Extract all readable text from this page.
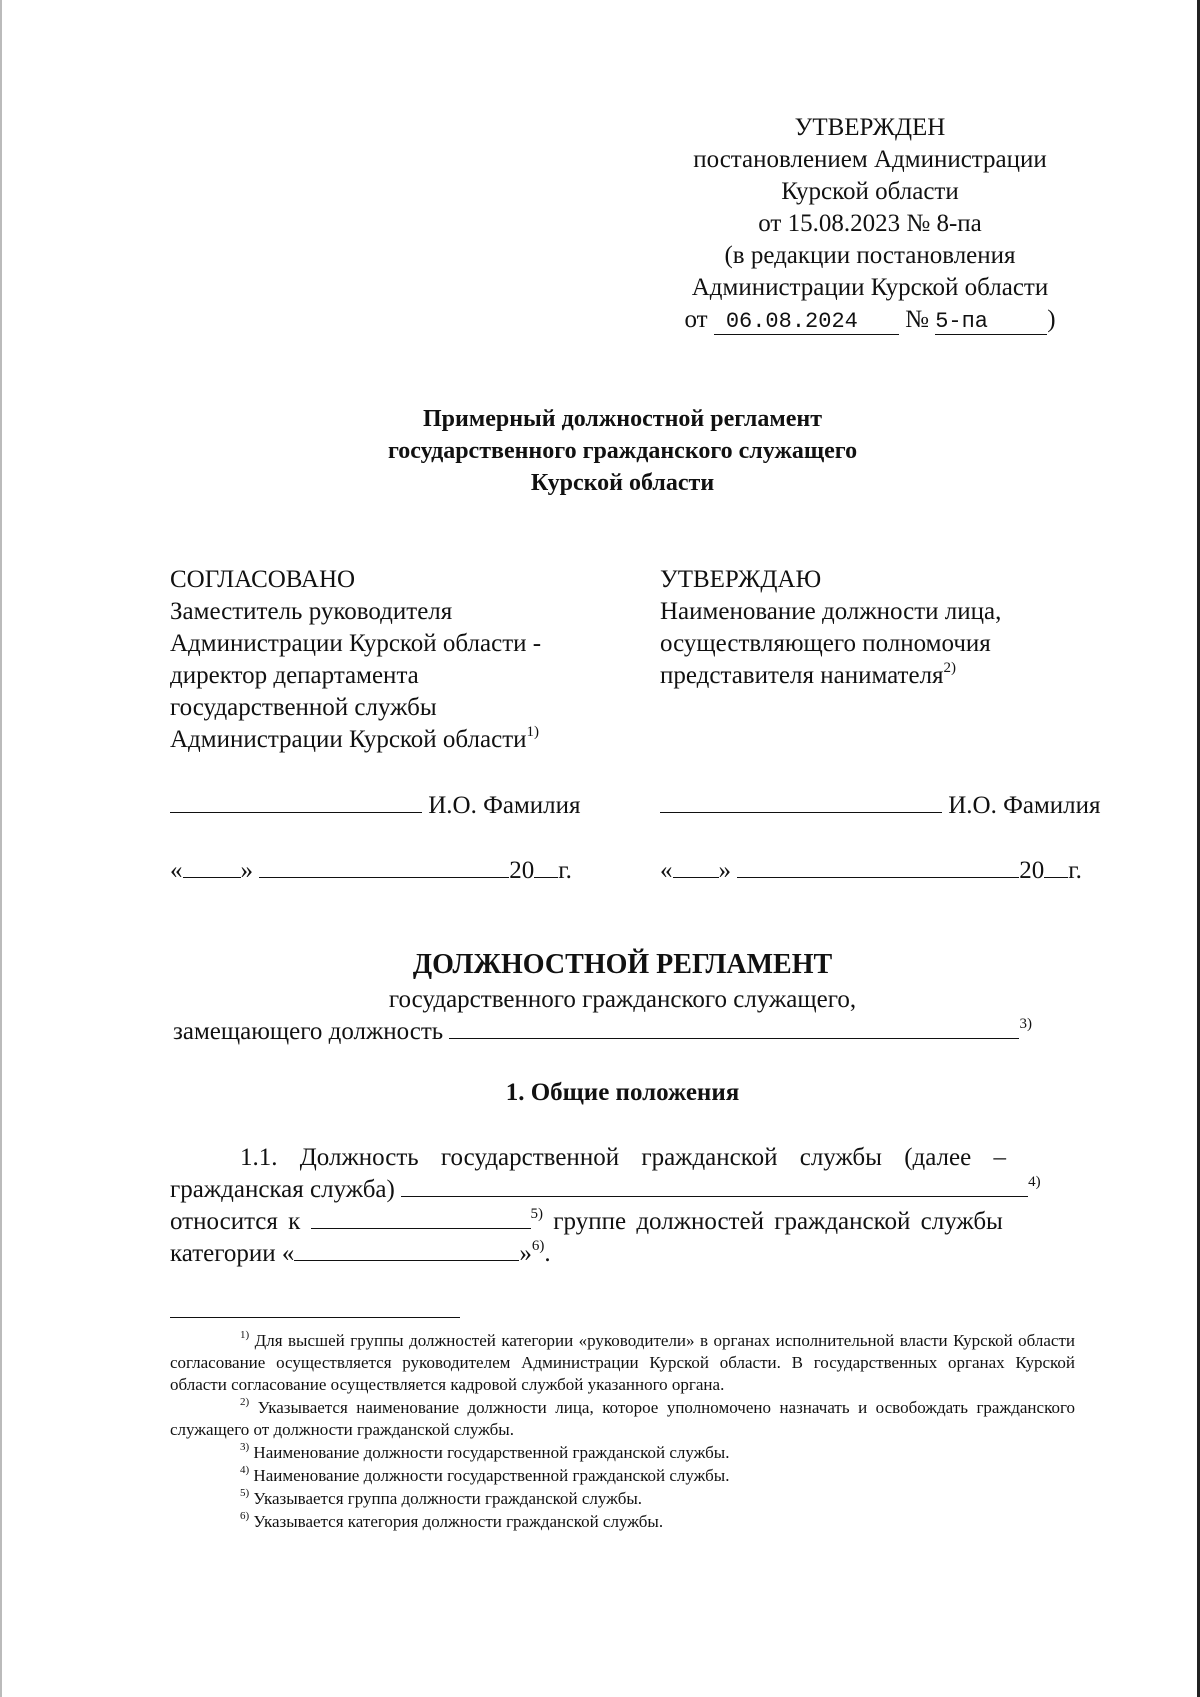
УТВЕРЖДЕН
постановлением Администрации
Курской области
от 15.08.2023 № 8-па
(в редакции постановления
Администрации Курской области
от 06.08.2024 № 5-па )
Примерный должностной регламент
государственного гражданского служащего
Курской области
СОГЛАСОВАНО
Заместитель руководителя
Администрации Курской области -
директор департамента
государственной службы
Администрации Курской области$^{1)}$
УТВЕРЖДАЮ
Наименование должности лица,
осуществляющего полномочия
представителя нанимателя$^{2)}$
И.О. Фамилия	И.О. Фамилия
« »	20 г.	« »	20 г.
ДОЛЖНОСТНОЙ РЕГЛАМЕНТ
государственного гражданского служащего,
замещающего должность	$^{3)}$
1. Общие положения
1.1. Должность государственной гражданской службы (далее –
гражданская служба)	$^{4)}$
относится к	$^{5)}$ группе должностей гражданской службы
категории «	»$^{6)}$.
$^{1)}$ Для высшей группы должностей категории «руководители» в органах исполнительной власти Курской области согласование осуществляется руководителем Администрации Курской области. В государственных органах Курской области согласование осуществляется кадровой службой указанного органа.
$^{2)}$ Указывается наименование должности лица, которое уполномочено назначать и освобождать гражданского служащего от должности гражданской службы.
$^{3)}$ Наименование должности государственной гражданской службы.
$^{4)}$ Наименование должности государственной гражданской службы.
$^{5)}$ Указывается группа должности гражданской службы.
$^{6)}$ Указывается категория должности гражданской службы.
